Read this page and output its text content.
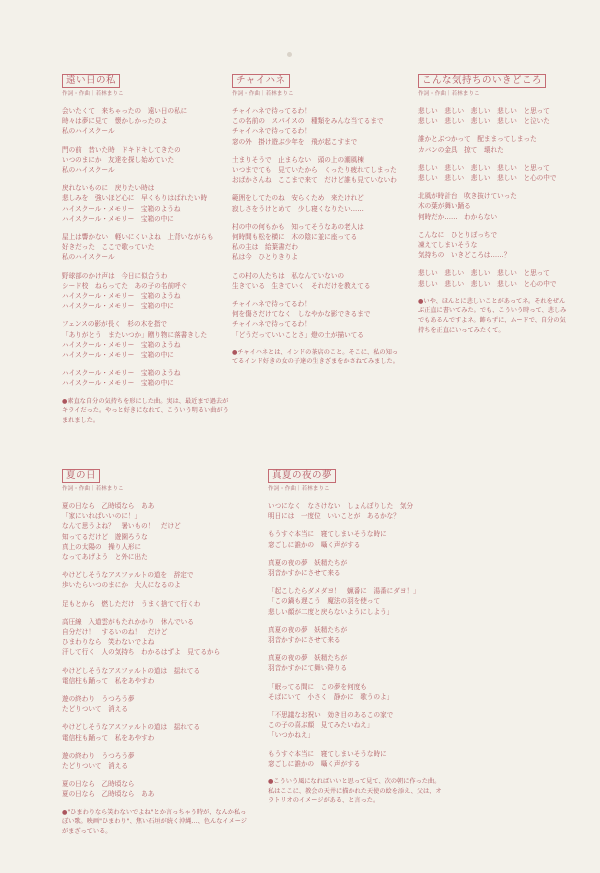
遠い日の私
作詞・作曲｜若林まりこ
会いたくて　来ちゃったの　遠い日の私に
時々は夢に見て　懐かしかったのよ
私のハイスクール
門の前　昔いた時　ドキドキしてきたの
いつのまにか　友達を探し始めていた
私のハイスクール
戻れないものに　戻りたい時は
悲しみを　強いほど心に　早くもりはばれたい時
ハイスクール・メモリー　宝箱のようね
ハイスクール・メモリー　宝箱の中に
屋上は響かない　軽いにくいよね　上背いながらも
好きだった　ここで歌っていた
私のハイスクール
野球部のかけ声は　今日に似合うわ
シード校　ねらってた　あの子の名前呼ぐ
ハイスクール・メモリー　宝箱のようね
ハイスクール・メモリー　宝箱の中に
フェンスの影が長く　杉の木を指で
「ありがとう　またいつか」贈り物に落書きした
ハイスクール・メモリー　宝箱のようね
ハイスクール・メモリー　宝箱の中に
ハイスクール・メモリー　宝箱のようね
ハイスクール・メモリー　宝箱の中に
●素直な自分の気持ちを形にした曲。実は、最近まで過去がキライだった。やっと好きになれて、こういう明るい曲がうまれました。
チャイハネ
作詞・作曲｜若林まりこ
チャイハネで待ってるわ！
この名前の　スパイスの　種類をみんな当てるまで
チャイハネで待ってるわ！
窓の外　掛け遊ぶ少年を　飛が起こすまで
土まりそうで　止まらない　頭の上の潮風棟
いつまでても　見ていたから　くったり疲れてしまった
おばかさんね　ここまで来て　だけど誰も見ていないわ
範囲をしてたのね　安らくため　来たけれど
寂しさをうけとめて　少し寝くなりたい……
村の中の何もかも　知ってそうなあの老人は
何時間も松を横に　木の陰に並に座ってる
私の主は　給葉書だわ
私は今　ひとりきりよ
この村の人たちは　私なんていないの
生きている　生きていく　それだけを教えてる
チャイハネで待ってるわ！
何を傷さだけてなく　しなやかな影できるまで
チャイハネで待ってるわ！
「どうだっていいことさ」燈の土が描いてる
●チャイハネとは、インドの茶店のこと。そこに、私の知ってるインド好きの女の子達の生きざまをかさねてみました。
こんな気持ちのいきどころ
作詞・作曲｜若林まりこ
悲しい　悲しい　悲しい　悲しい　と思って
悲しい　悲しい　悲しい　悲しい　と泣いた
誰かとぶつかって　配ままってしまった
カバンの金具　掠て　壊れた
悲しい　悲しい　悲しい　悲しい　と思って
悲しい　悲しい　悲しい　悲しい　と心の中で
北風が時計台　吹き抜けていった
木の葉が舞い踊る
何時だか……　わからない
こんなに　ひとりぼっちで
凍えてしまいそうな
気持ちの　いきどころは……？
悲しい　悲しい　悲しい　悲しい　と思って
悲しい　悲しい　悲しい　悲しい　と心の中で
●いや、ほんとに悲しいことがあってネ。それをぜんぶ正直に書いてみた。でも、こういう時って、悲しみでもあるんですよネ。飾らずに、ムードで、自分の気持ちを正直にいってみたくて。
夏の日
作詞・作曲｜若林まりこ
夏の日なら　乙時頃なら　ああ
「家にいればいいのに！」
なんて思うよね？　暑いもの！　だけど
知ってるだけど　遊園ろうな
真上の太陽の　操り人形に
なってあげよう　と外に出た
やけどしそうなアスファルトの道を　辞定で
歩いたらいつのまにか　大人になるのよ
足もとから　燃しただけ　うまく捨てて行くわ
高圧線　入道雲がもたれかかり　休んでいる
自分だけ！　するいのね！　だけど
ひまわりなら　笑わないでよね
汗して行く　人の気持ち　わかるはずよ　見てるから
やけどしそうなアスファルトの道は　揺れてる
電信柱も踊って　私をあやすわ
遊の終わり　うつろう夢
たどりついて　消える
やけどしそうなアスファルトの道は　揺れてる
電信柱も踊って　私をあやすわ
遊の終わり　うつろう夢
たどりついて　消える
夏の日なら　乙時頃なら
夏の日なら　乙時頃なら　ああ
●"ひまわりなら笑わないでよね"とか言っちゃう時が、なんか私っぽい歌。映画"ひまわり"、焦い石垣が続く沖縄…、色んなイメージがまざっている。
真夏の夜の夢
作詞・作曲｜若林まりこ
いつになく　なさけない　しょんぼりした　気分
明日には　一度位　いいことが　あるかな？
もうすぐ本当に　寝てしまいそうな時に
窓ごしに誰かの　囁く声がする
真夏の夜の夢　妖精たちが
羽音かすかにさせて来る
「起こしたらダメダヨ！　蝋番に　湯番にダヨ！」
「この鍋も遅こう　魔法の羽を使って
悲しい顔が二度と戻らないようにしよう」
真夏の夜の夢　妖精たちが
羽音かすかにさせて来る
真夏の夜の夢　妖精たちが
羽音かすかにて舞い降りる
「眠ってる間に　この夢を何度も
そばにいて　小さく　静かに　歌うのよ」
「不思議なお祝い　効き目のあるこの家で
この子の喜ぶ顔　見てみたいねえ」
「いつかねえ」
もうすぐ本当に　寝てしまいそうな時に
窓ごしに誰かの　囁く声がする
●こういう風になればいいと思って見て、次の朝に作った曲。私はここに、教会の天井に描かれた天使の絵を添え、父は、オラトリオのイメージがある、と言った。
